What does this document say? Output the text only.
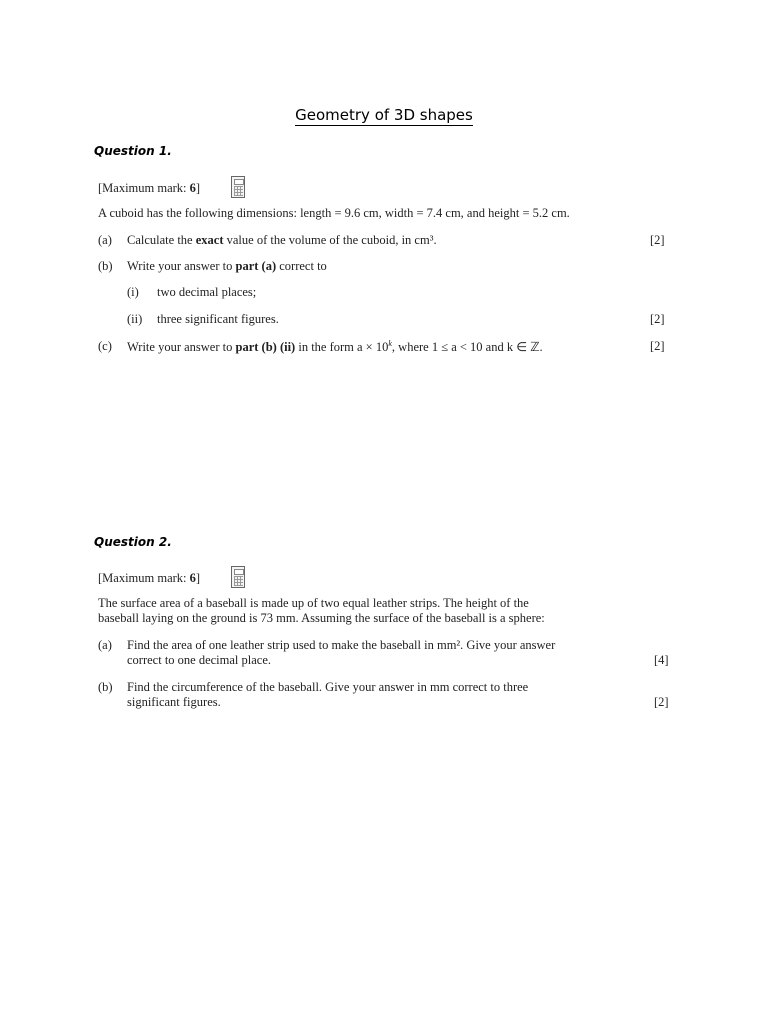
Geometry of 3D shapes
Question 1.
[Maximum mark: 6]
A cuboid has the following dimensions: length = 9.6 cm, width = 7.4 cm, and height = 5.2 cm.
(a) Calculate the exact value of the volume of the cuboid, in cm³.	[2]
(b) Write your answer to part (a) correct to
(i) two decimal places;
(ii) three significant figures.	[2]
(c) Write your answer to part (b) (ii) in the form $a \times 10^k$, where 1 ≤ a < 10 and k ∈ ℤ.	[2]
Question 2.
[Maximum mark: 6]
The surface area of a baseball is made up of two equal leather strips. The height of the
baseball laying on the ground is 73 mm. Assuming the surface of the baseball is a sphere:
(a) Find the area of one leather strip used to make the baseball in mm². Give your answer
correct to one decimal place.	[4]
(b) Find the circumference of the baseball. Give your answer in mm correct to three
significant figures.	[2]
